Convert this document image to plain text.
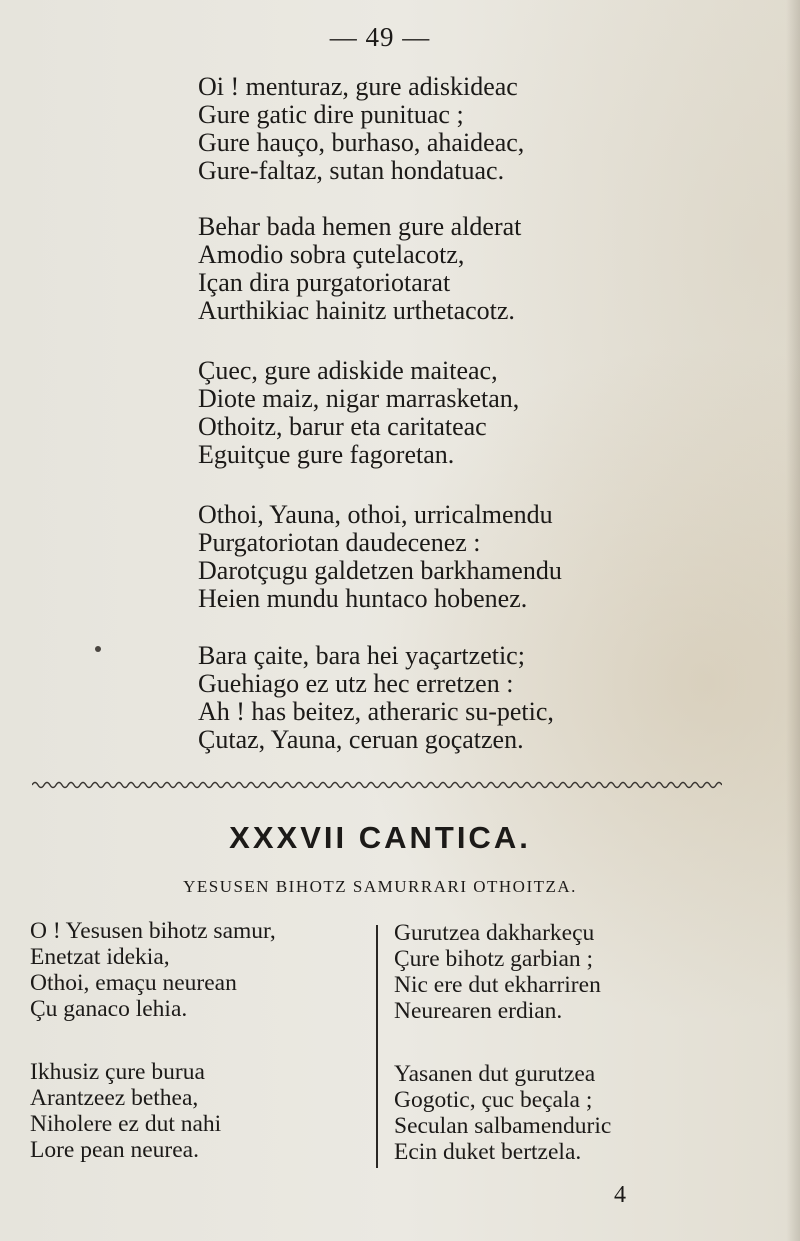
— 49 —
Oi ! menturaz, gure adiskideac
Gure gatic dire punituac ;
Gure hauço, burhaso, ahaideac,
Gure-faltaz, sutan hondatuac.
Behar bada hemen gure alderat
Amodio sobra çutelacotz,
Içan dira purgatoriotarat
Aurthikiac hainitz urthetacotz.
Çuec, gure adiskide maiteac,
Diote maiz, nigar marrasketan,
Othoitz, barur eta caritateac
Eguitçue gure fagoretan.
Othoi, Yauna, othoi, urricalmendu
Purgatoriotan daudecenez :
Darotçugu galdetzen barkhamendu
Heien mundu huntaco hobenez.
Bara çaite, bara hei yaçartzetic;
Guehiago ez utz hec erretzen :
Ah ! has beitez, atheraric su-petic,
Çutaz, Yauna, ceruan goçatzen.
XXXVII CANTICA.
YESUSEN BIHOTZ SAMURRARI OTHOITZA.
O ! Yesusen bihotz samur,
Enetzat idekia,
Othoi, emaçu neurean
Çu ganaco lehia.
Ikhusiz çure burua
Arantzeez bethea,
Niholere ez dut nahi
Lore pean neurea.
Gurutzea dakharkeçu
Çure bihotz garbian ;
Nic ere dut ekharriren
Neurearen erdian.
Yasanen dut gurutzea
Gogotic, çuc beçala ;
Seculan salbamenduric
Ecin duket bertzela.
4
